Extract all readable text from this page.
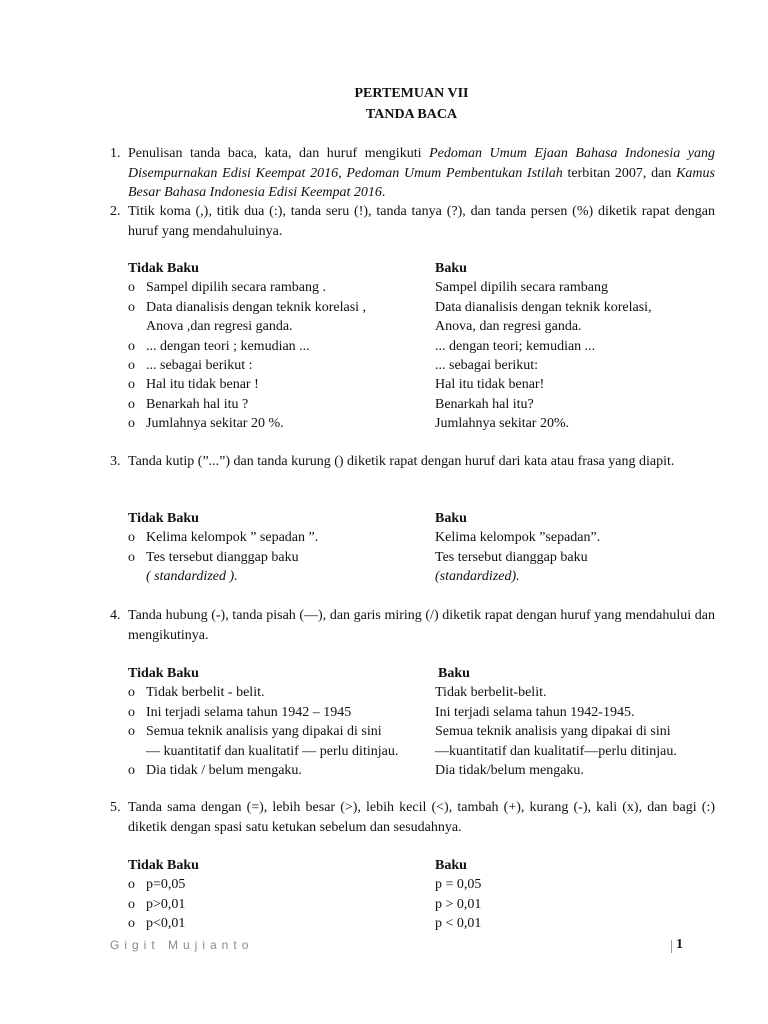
PERTEMUAN VII
TANDA BACA
1. Penulisan tanda baca, kata, dan huruf mengikuti Pedoman Umum Ejaan Bahasa Indonesia yang Disempurnakan Edisi Keempat 2016, Pedoman Umum Pembentukan Istilah terbitan 2007, dan Kamus Besar Bahasa Indonesia Edisi Keempat 2016.
2. Titik koma (,), titik dua (:), tanda seru (!), tanda tanya (?), dan tanda persen (%) diketik rapat dengan huruf yang mendahuluinya.
Tidak Baku	Baku
o Sampel dipilih secara rambang .	Sampel dipilih secara rambang
o Data dianalisis dengan teknik korelasi ,	Data dianalisis dengan teknik korelasi,
Anova ,dan regresi ganda.	Anova, dan regresi ganda.
o ... dengan teori ; kemudian ...	... dengan teori; kemudian ...
o ... sebagai berikut :	... sebagai berikut:
o Hal itu tidak benar !	Hal itu tidak benar!
o Benarkah hal itu ?	Benarkah hal itu?
o Jumlahnya sekitar 20 %.	Jumlahnya sekitar 20%.
3. Tanda kutip (”...”) dan tanda kurung () diketik rapat dengan huruf dari kata atau frasa yang diapit.
Tidak Baku	Baku
o Kelima kelompok ” sepadan ”.	Kelima kelompok ”sepadan”.
o Tes tersebut dianggap baku	Tes tersebut dianggap baku
( standardized ).	(standardized).
4. Tanda hubung (-), tanda pisah (—), dan garis miring (/) diketik rapat dengan huruf yang mendahului dan mengikutinya.
Tidak Baku	Baku
o Tidak berbelit - belit.	Tidak berbelit-belit.
o Ini terjadi selama tahun 1942 – 1945	Ini terjadi selama tahun 1942-1945.
o Semua teknik analisis yang dipakai di sini	Semua teknik analisis yang dipakai di sini
— kuantitatif dan kualitatif — perlu ditinjau.	—kuantitatif dan kualitatif—perlu ditinjau.
o Dia tidak / belum mengaku.	Dia tidak/belum mengaku.
5. Tanda sama dengan (=), lebih besar (>), lebih kecil (<), tambah (+), kurang (-), kali (x), dan bagi (:) diketik dengan spasi satu ketukan sebelum dan sesudahnya.
Tidak Baku	Baku
o p=0,05	p = 0,05
o p>0,01	p > 0,01
o p<0,01	p < 0,01
Gigit Mujianto	1
